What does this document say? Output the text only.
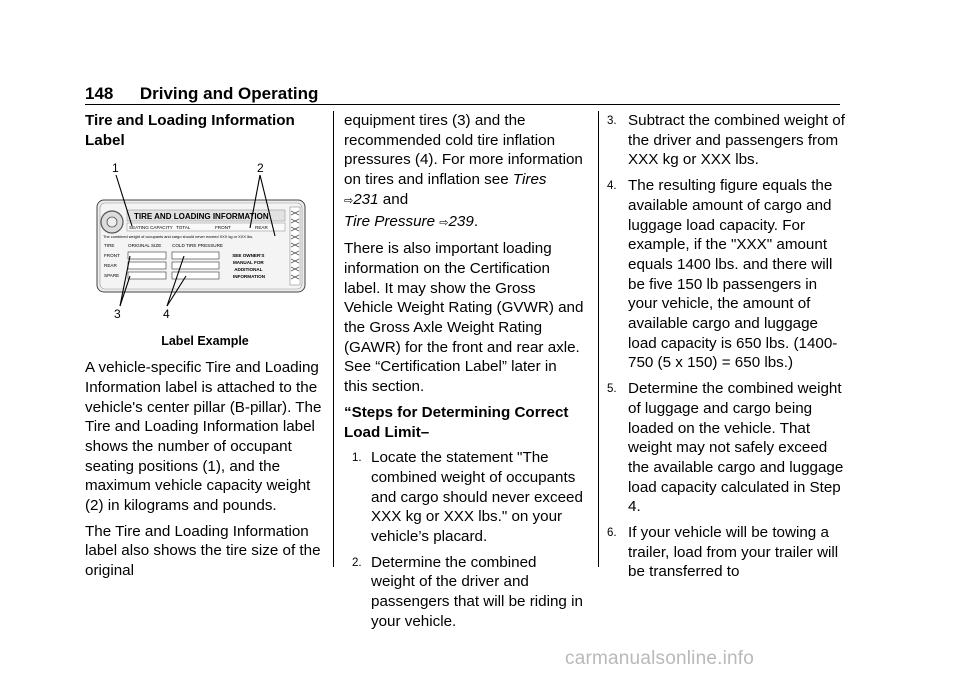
148 Driving and Operating

Tire and Loading Information Label

1	2
3	4
TIRE AND LOADING INFORMATION
SEATING CAPACITY TOTAL	FRONT	REAR
The combined weight of occupants and cargo should never exceed XXX kg or XXX lbs.
TIRE	ORIGINAL SIZE COLD TIRE PRESSURE
FRONT
REAR
SPARE
SEE OWNER'S MANUAL FOR ADDITIONAL INFORMATION

Label Example

A vehicle-specific Tire and Loading Information label is attached to the vehicle's center pillar (B-pillar). The Tire and Loading Information label shows the number of occupant seating positions (1), and the maximum vehicle capacity weight (2) in kilograms and pounds.

The Tire and Loading Information label also shows the tire size of the original

equipment tires (3) and the recommended cold tire inflation pressures (4). For more information on tires and inflation see Tires ⇨231 and
Tire Pressure ⇨239.

There is also important loading information on the Certification label. It may show the Gross Vehicle Weight Rating (GVWR) and the Gross Axle Weight Rating (GAWR) for the front and rear axle. See “Certification Label” later in this section.

“Steps for Determining Correct Load Limit–

1. Locate the statement "The combined weight of occupants and cargo should never exceed XXX kg or XXX lbs." on your vehicle’s placard.
2. Determine the combined weight of the driver and passengers that will be riding in your vehicle.
3. Subtract the combined weight of the driver and passengers from XXX kg or XXX lbs.
4. The resulting figure equals the available amount of cargo and luggage load capacity. For example, if the "XXX" amount equals 1400 lbs. and there will be five 150 lb passengers in your vehicle, the amount of available cargo and luggage load capacity is 650 lbs. (1400-750 (5 x 150) = 650 lbs.)
5. Determine the combined weight of luggage and cargo being loaded on the vehicle. That weight may not safely exceed the available cargo and luggage load capacity calculated in Step 4.
6. If your vehicle will be towing a trailer, load from your trailer will be transferred to
carmanualsonline.info
